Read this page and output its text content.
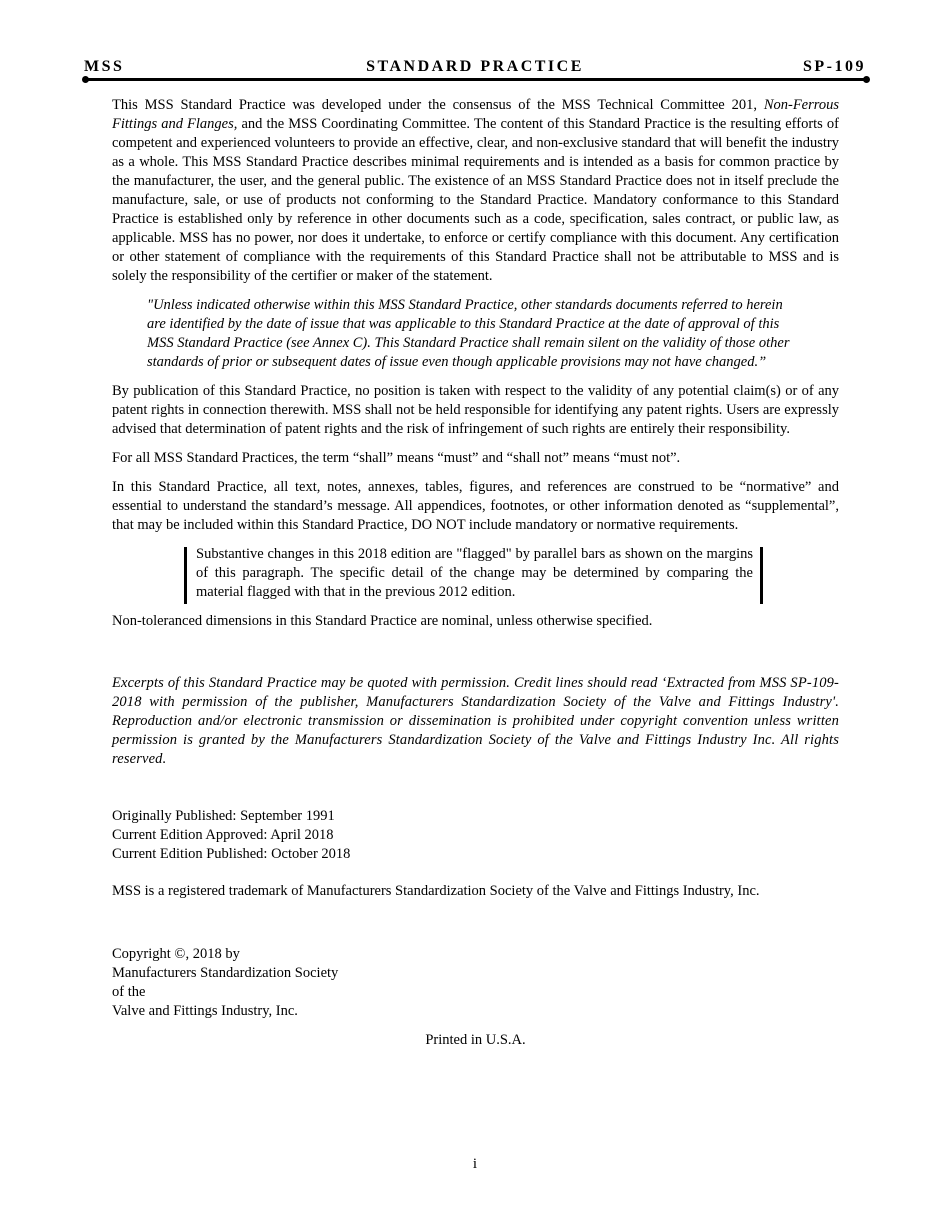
MSS	STANDARD PRACTICE	SP-109

This MSS Standard Practice was developed under the consensus of the MSS Technical Committee 201, Non-Ferrous Fittings and Flanges, and the MSS Coordinating Committee. The content of this Standard Practice is the resulting efforts of competent and experienced volunteers to provide an effective, clear, and non-exclusive standard that will benefit the industry as a whole. This MSS Standard Practice describes minimal requirements and is intended as a basis for common practice by the manufacturer, the user, and the general public. The existence of an MSS Standard Practice does not in itself preclude the manufacture, sale, or use of products not conforming to the Standard Practice. Mandatory conformance to this Standard Practice is established only by reference in other documents such as a code, specification, sales contract, or public law, as applicable. MSS has no power, nor does it undertake, to enforce or certify compliance with this document. Any certification or other statement of compliance with the requirements of this Standard Practice shall not be attributable to MSS and is solely the responsibility of the certifier or maker of the statement.

"Unless indicated otherwise within this MSS Standard Practice, other standards documents referred to herein are identified by the date of issue that was applicable to this Standard Practice at the date of approval of this MSS Standard Practice (see Annex C). This Standard Practice shall remain silent on the validity of those other standards of prior or subsequent dates of issue even though applicable provisions may not have changed.”

By publication of this Standard Practice, no position is taken with respect to the validity of any potential claim(s) or of any patent rights in connection therewith. MSS shall not be held responsible for identifying any patent rights. Users are expressly advised that determination of patent rights and the risk of infringement of such rights are entirely their responsibility.

For all MSS Standard Practices, the term “shall” means “must” and “shall not” means “must not”.

In this Standard Practice, all text, notes, annexes, tables, figures, and references are construed to be “normative” and essential to understand the standard’s message. All appendices, footnotes, or other information denoted as “supplemental”, that may be included within this Standard Practice, DO NOT include mandatory or normative requirements.

Substantive changes in this 2018 edition are "flagged" by parallel bars as shown on the margins of this paragraph. The specific detail of the change may be determined by comparing the material flagged with that in the previous 2012 edition.

Non-toleranced dimensions in this Standard Practice are nominal, unless otherwise specified.

Excerpts of this Standard Practice may be quoted with permission. Credit lines should read ‘Extracted from MSS SP-109-2018 with permission of the publisher, Manufacturers Standardization Society of the Valve and Fittings Industry'. Reproduction and/or electronic transmission or dissemination is prohibited under copyright convention unless written permission is granted by the Manufacturers Standardization Society of the Valve and Fittings Industry Inc. All rights reserved.

Originally Published: September 1991
Current Edition Approved: April 2018
Current Edition Published: October 2018

MSS is a registered trademark of Manufacturers Standardization Society of the Valve and Fittings Industry, Inc.

Copyright ©, 2018 by
Manufacturers Standardization Society
of the
Valve and Fittings Industry, Inc.

Printed in U.S.A.

i
